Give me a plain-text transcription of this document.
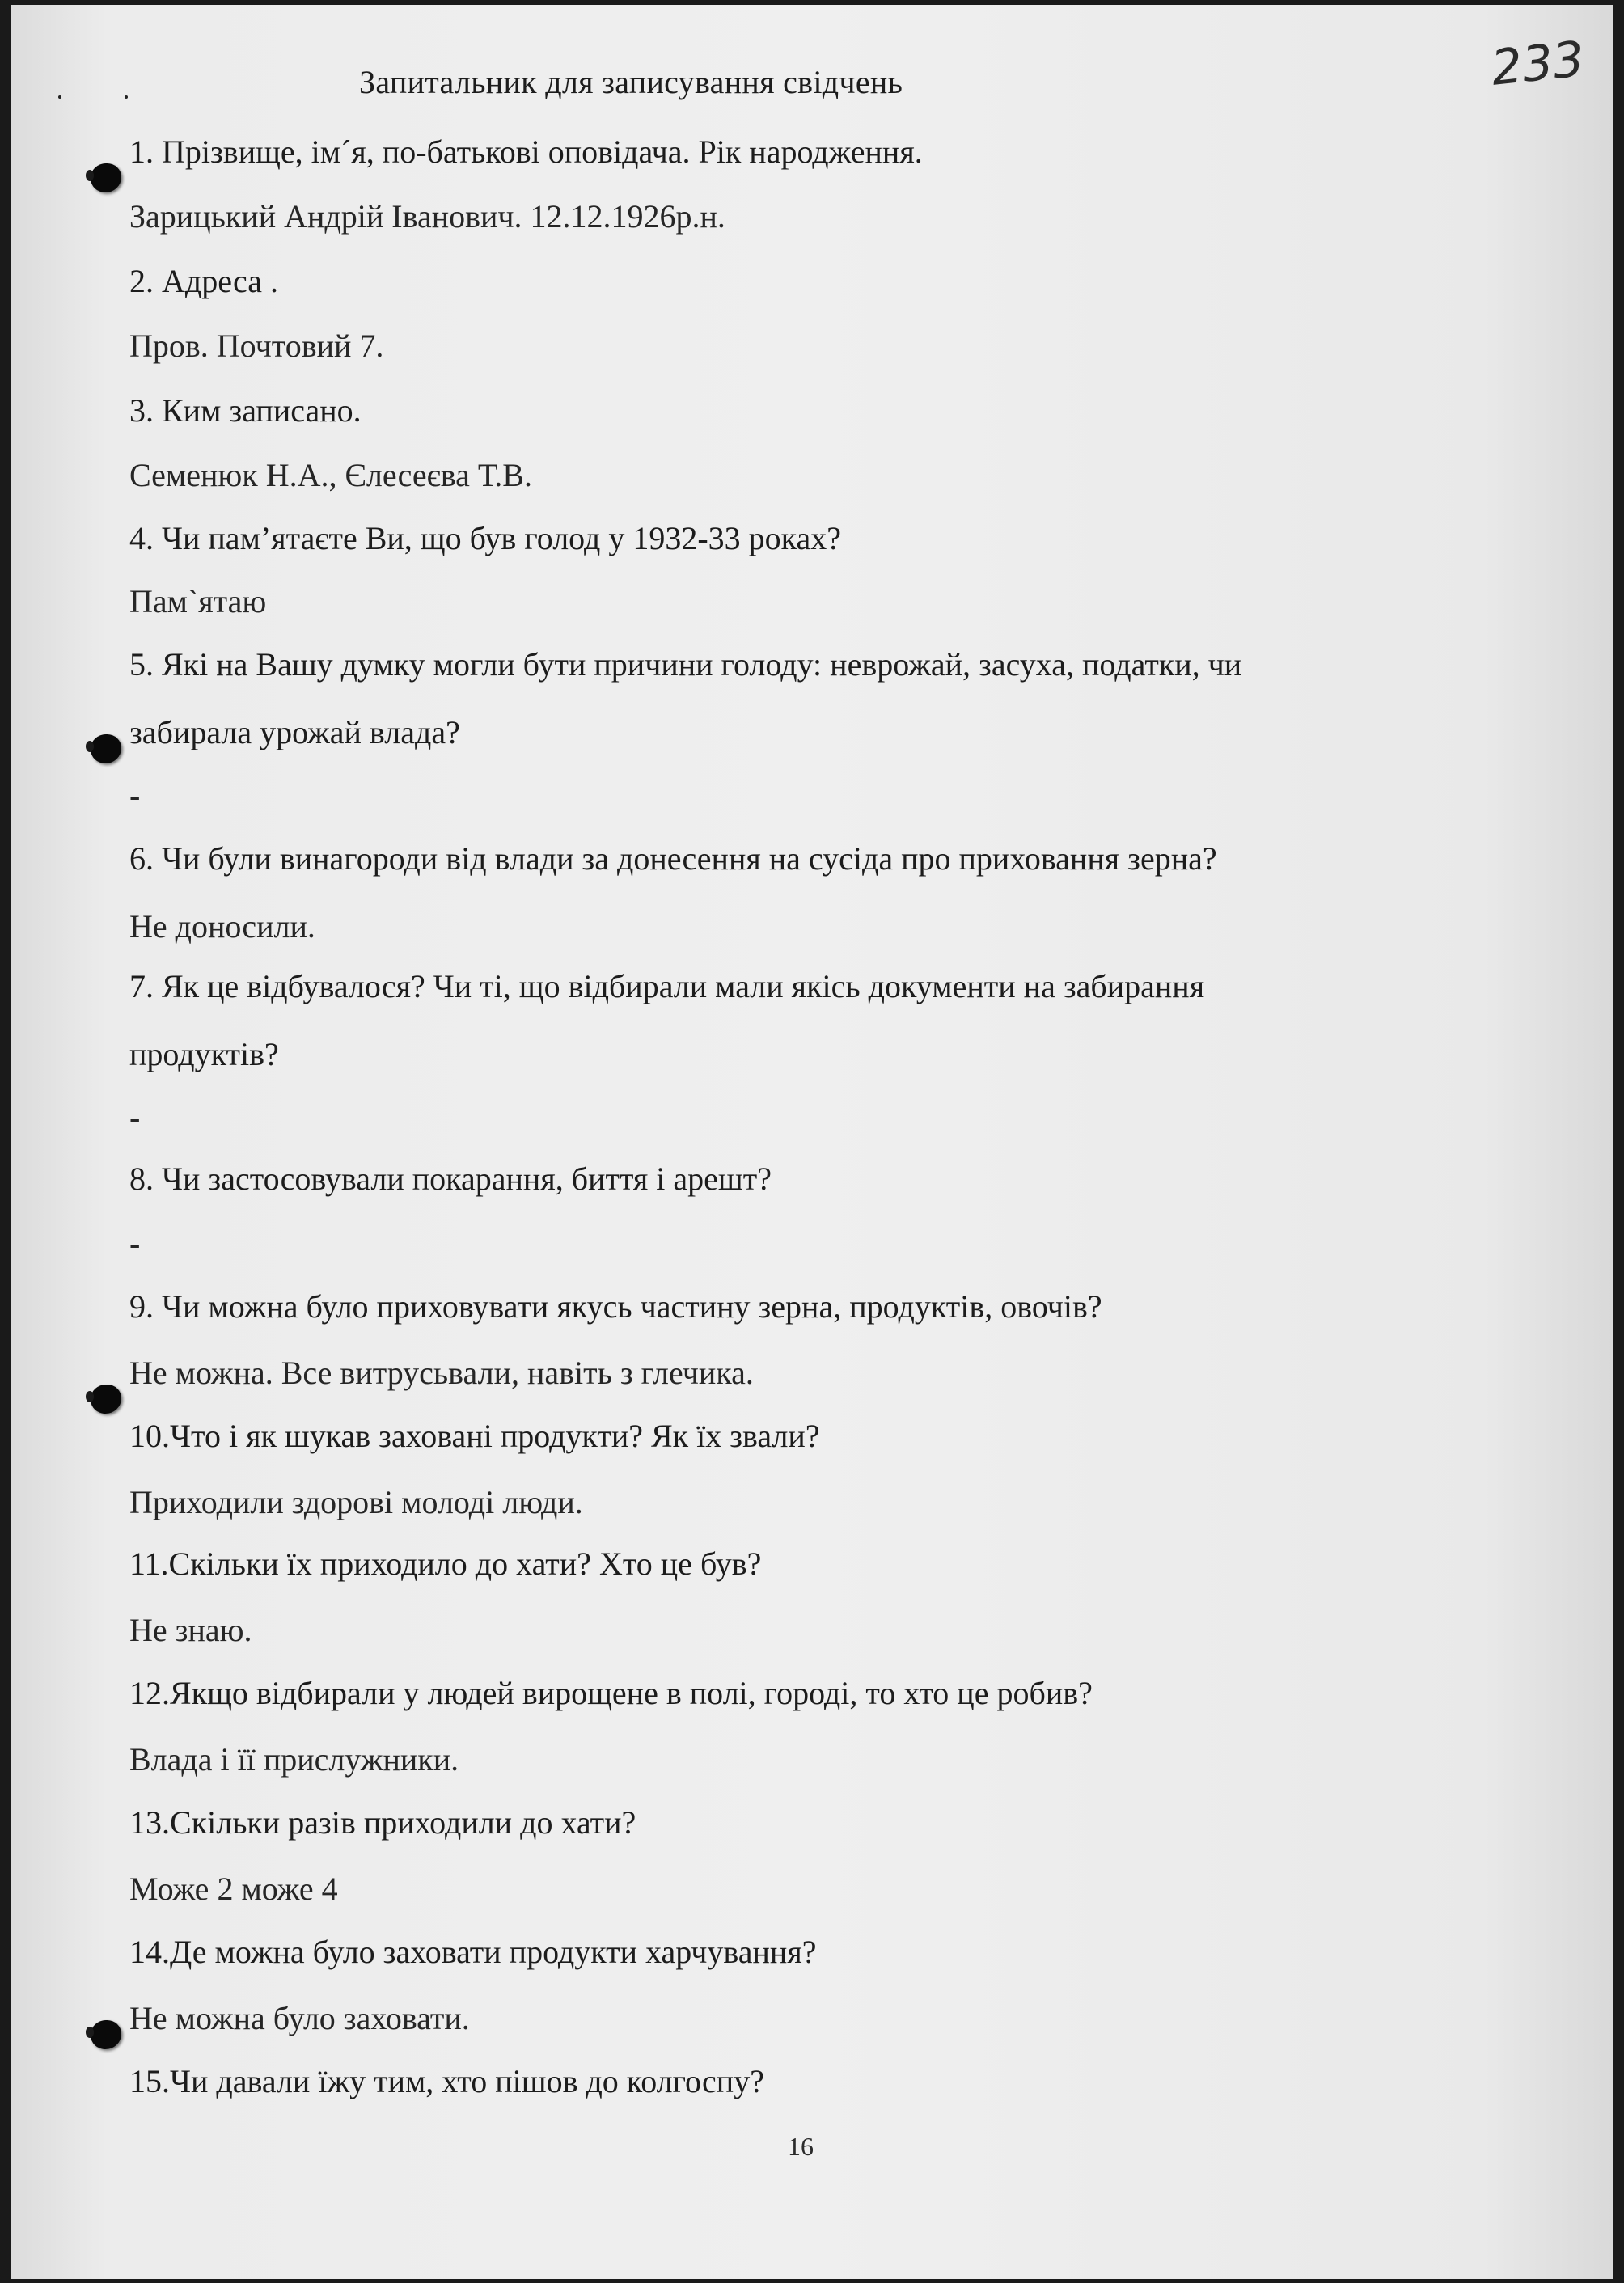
Запитальник для записування свідчень	233
1. Прізвище, ім´я, по-батькові оповідача. Рік народження.
Зарицький Андрій Іванович. 12.12.1926р.н.
2. Адреса .
Пров. Почтовий 7.
3. Ким записано.
Семенюк Н.А., Єлесеєва Т.В.
4. Чи пам’ятаєте Ви, що був голод у 1932-33 роках?
Пам`ятаю
5. Які на Вашу думку могли бути причини голоду: неврожай, засуха, податки, чи
забирала урожай влада?
-
6. Чи були винагороди від влади за донесення на сусіда про приховання зерна?
Не доносили.
7. Як це відбувалося? Чи ті, що відбирали мали якісь документи на забирання
продуктів?
-
8. Чи застосовували покарання, биття і арешт?
-
9. Чи можна було приховувати якусь частину зерна, продуктів, овочів?
Не можна. Все витрусьвали, навіть з глечика.
10.Что і як шукав заховані продукти? Як їх звали?
Приходили здорові молоді люди.
11.Скільки їх приходило до хати? Хто це був?
Не знаю.
12.Якщо відбирали у людей вирощене в полі, городі, то хто це робив?
Влада і її прислужники.
13.Скільки разів приходили до хати?
Може 2 може 4
14.Де можна було заховати продукти харчування?
Не можна було заховати.
15.Чи давали їжу тим, хто пішов до колгоспу?
16
